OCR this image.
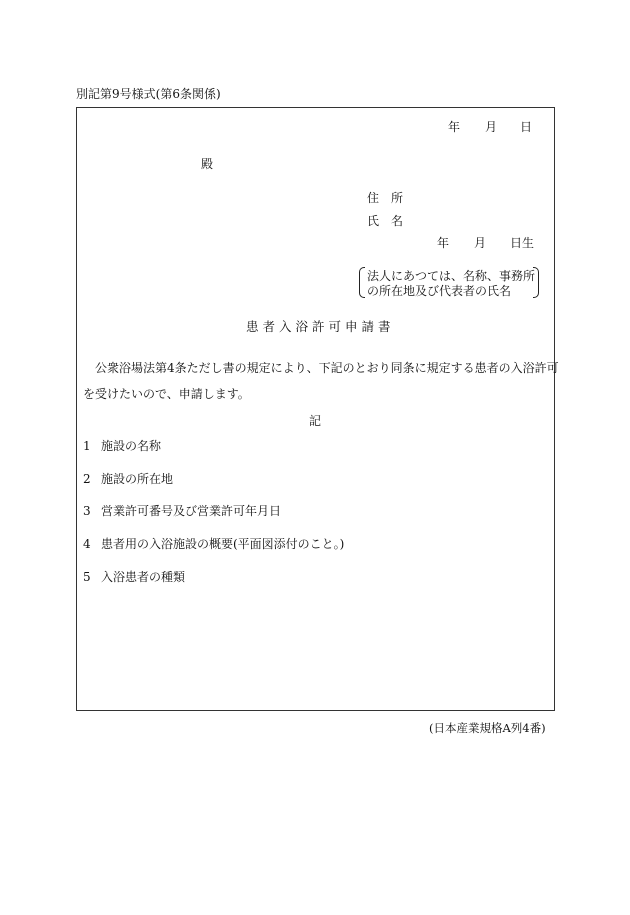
別記第9号様式(第6条関係)
年 月 日
殿
住　所
氏　名
年 月 日生
法人にあつては、名称、事務所
の所在地及び代表者の氏名
患者入浴許可申請書
公衆浴場法第4条ただし書の規定により、下記のとおり同条に規定する患者の入浴許可
を受けたいので、申請します。
記
1 施設の名称
2 施設の所在地
3 営業許可番号及び営業許可年月日
4 患者用の入浴施設の概要(平面図添付のこと。)
5 入浴患者の種類
(日本産業規格A列4番)
